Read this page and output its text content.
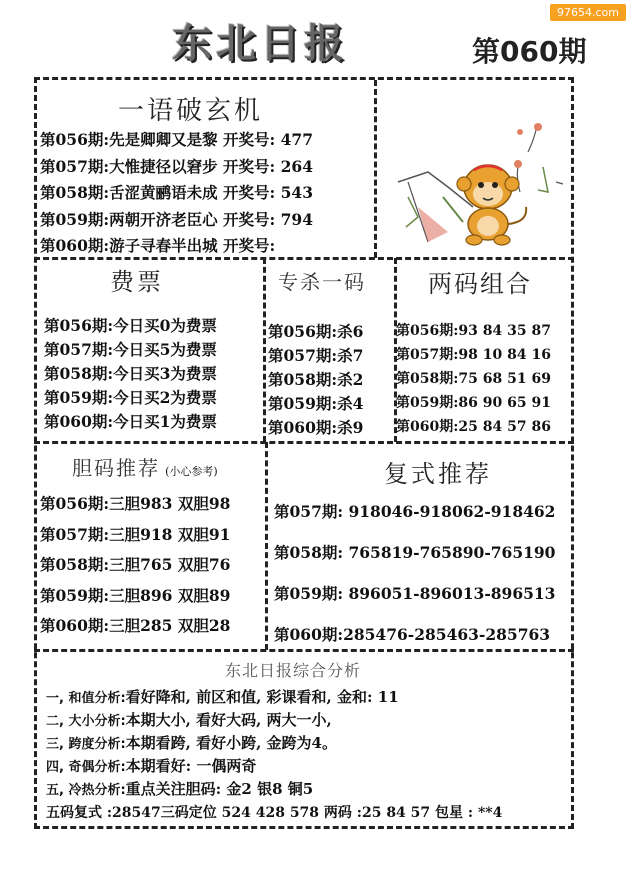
97654.com
东北日报	第060期
一语破玄机
第056期:先是卿卿又是黎 开奖号: 477
第057期:大惟捷径以窘步 开奖号: 264
第058期:舌涩黄鹂语未成 开奖号: 543
第059期:两朝开济老臣心 开奖号: 794
第060期:游子寻春半出城 开奖号:
费票
第056期:今日买0为费票
第057期:今日买5为费票
第058期:今日买3为费票
第059期:今日买2为费票
第060期:今日买1为费票
专杀一码
第056期:杀6
第057期:杀7
第058期:杀2
第059期:杀4
第060期:杀9
两码组合
第056期:93 84 35 87
第057期:98 10 84 16
第058期:75 68 51 69
第059期:86 90 65 91
第060期:25 84 57 86
胆码推荐 (小心参考)
第056期:三胆983 双胆98
第057期:三胆918 双胆91
第058期:三胆765 双胆76
第059期:三胆896 双胆89
第060期:三胆285 双胆28
复式推荐
第057期: 918046-918062-918462
第058期: 765819-765890-765190
第059期: 896051-896013-896513
第060期:285476-285463-285763
东北日报综合分析
一, 和值分析:看好降和, 前区和值, 彩课看和, 金和: 11
二, 大小分析:本期大小, 看好大码, 两大一小,
三, 跨度分析:本期看跨, 看好小跨, 金跨为4。
四, 奇偶分析:本期看好: 一偶两奇
五, 冷热分析:重点关注胆码: 金2 银8 铜5
五码复式 :28547三码定位 524 428 578 两码 :25 84 57 包星 : **4
